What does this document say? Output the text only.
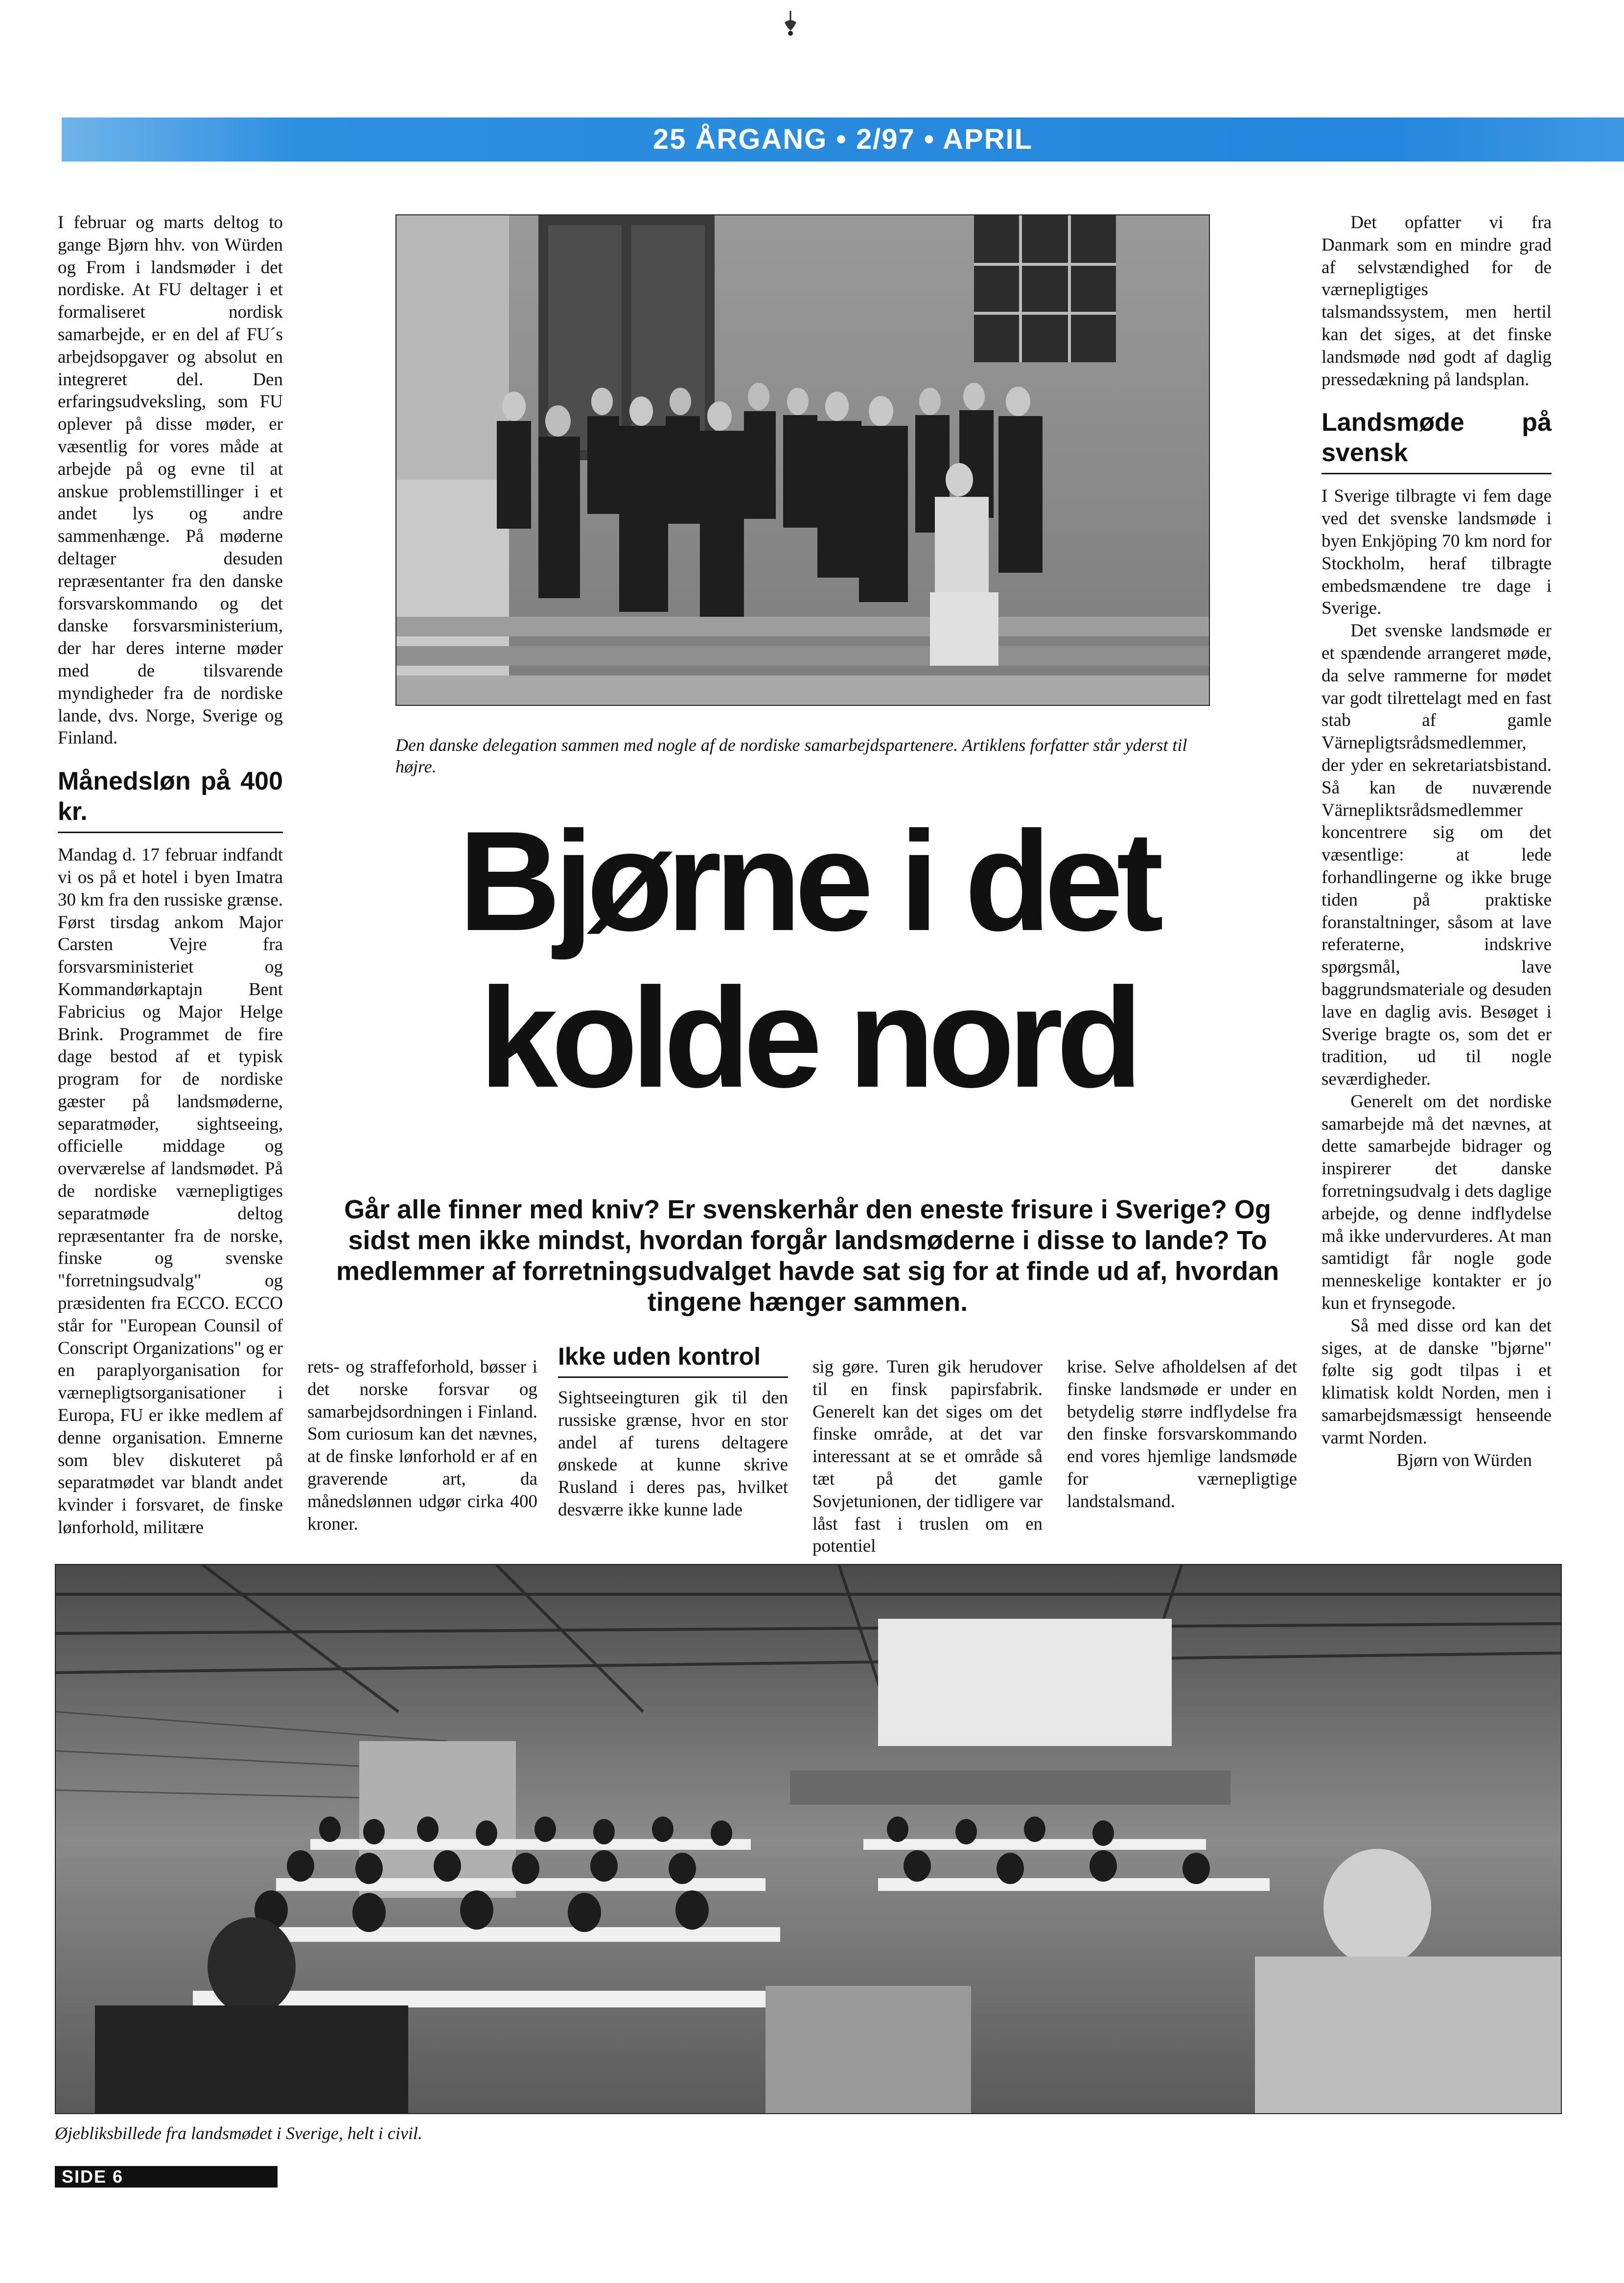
25 ÅRGANG • 2/97 • APRIL

I februar og marts deltog to gange Bjørn hhv. von Würden og From i landsmøder i det nordiske. At FU deltager i et formaliseret nordisk samarbejde, er en del af FU´s arbejdsopgaver og absolut en integreret del. Den erfaringsudveksling, som FU oplever på disse møder, er væsentlig for vores måde at arbejde på og evne til at anskue problemstillinger i et andet lys og andre sammenhænge. På møderne deltager desuden repræsentanter fra den danske forsvarskommando og det danske forsvarsministerium, der har deres interne møder med de tilsvarende myndigheder fra de nordiske lande, dvs. Norge, Sverige og Finland.

Månedsløn på 400 kr.

Mandag d. 17 februar indfandt vi os på et hotel i byen Imatra 30 km fra den russiske grænse. Først tirsdag ankom Major Carsten Vejre fra forsvarsministeriet og Kommandørkaptajn Bent Fabricius og Major Helge Brink. Programmet de fire dage bestod af et typisk program for de nordiske gæster på landsmøderne, separatmøder, sightseeing, officielle middage og overværelse af landsmødet. På de nordiske værnepligtiges separatmøde deltog repræsentanter fra de norske, finske og svenske "forretningsudvalg" og præsidenten fra ECCO. ECCO står for "European Counsil of Conscript Organizations" og er en paraplyorganisation for værnepligtsorganisationer i Europa, FU er ikke medlem af denne organisation. Emnerne som blev diskuteret på separatmødet var blandt andet kvinder i forsvaret, de finske lønforhold, militære

Den danske delegation sammen med nogle af de nordiske samarbejdspartenere. Artiklens forfatter står yderst til højre.
Bjørne i det
kolde nord
Går alle finner med kniv? Er svenskerhår den eneste frisure i Sverige? Og sidst men ikke mindst, hvordan forgår landsmøderne i disse to lande? To medlemmer af forretningsudvalget havde sat sig for at finde ud af, hvordan tingene hænger sammen.

rets- og straffeforhold, bøsser i det norske forsvar og samarbejdsordningen i Finland. Som curiosum kan det nævnes, at de finske lønforhold er af en graverende art, da månedslønnen udgør cirka 400 kroner.

Ikke uden kontrol

Sightseeingturen gik til den russiske grænse, hvor en stor andel af turens deltagere ønskede at kunne skrive Rusland i deres pas, hvilket desværre ikke kunne lade

sig gøre. Turen gik herudover til en finsk papirsfabrik. Generelt kan det siges om det finske område, at det var interessant at se et område så tæt på det gamle Sovjetunionen, der tidligere var låst fast i truslen om en potentiel

krise. Selve afholdelsen af det finske landsmøde er under en betydelig større indflydelse fra den finske forsvarskommando end vores hjemlige landsmøde for værnepligtige landstalsmand.

Det opfatter vi fra Danmark som en mindre grad af selvstændighed for de værnepligtiges talsmandssystem, men hertil kan det siges, at det finske landsmøde nød godt af daglig pressedækning på landsplan.

Landsmøde på svensk

I Sverige tilbragte vi fem dage ved det svenske landsmøde i byen Enkjöping 70 km nord for Stockholm, heraf tilbragte embedsmændene tre dage i Sverige.

Det svenske landsmøde er et spændende arrangeret møde, da selve rammerne for mødet var godt tilrettelagt med en fast stab af gamle Värnepligtsrådsmedlemmer, der yder en sekretariatsbistand. Så kan de nuværende Värnepliktsrådsmedlemmer koncentrere sig om det væsentlige: at lede forhandlingerne og ikke bruge tiden på praktiske foranstaltninger, såsom at lave referaterne, indskrive spørgsmål, lave baggrundsmateriale og desuden lave en daglig avis. Besøget i Sverige bragte os, som det er tradition, ud til nogle seværdigheder.

Generelt om det nordiske samarbejde må det nævnes, at dette samarbejde bidrager og inspirerer det danske forretningsudvalg i dets daglige arbejde, og denne indflydelse må ikke undervurderes. At man samtidigt får nogle gode menneskelige kontakter er jo kun et frynsegode.

Så med disse ord kan det siges, at de danske "bjørne" følte sig godt tilpas i et klimatisk koldt Norden, men i samarbejdsmæssigt henseende varmt Norden.

Bjørn von Würden

Øjebliksbillede fra landsmødet i Sverige, helt i civil.
SIDE 6
